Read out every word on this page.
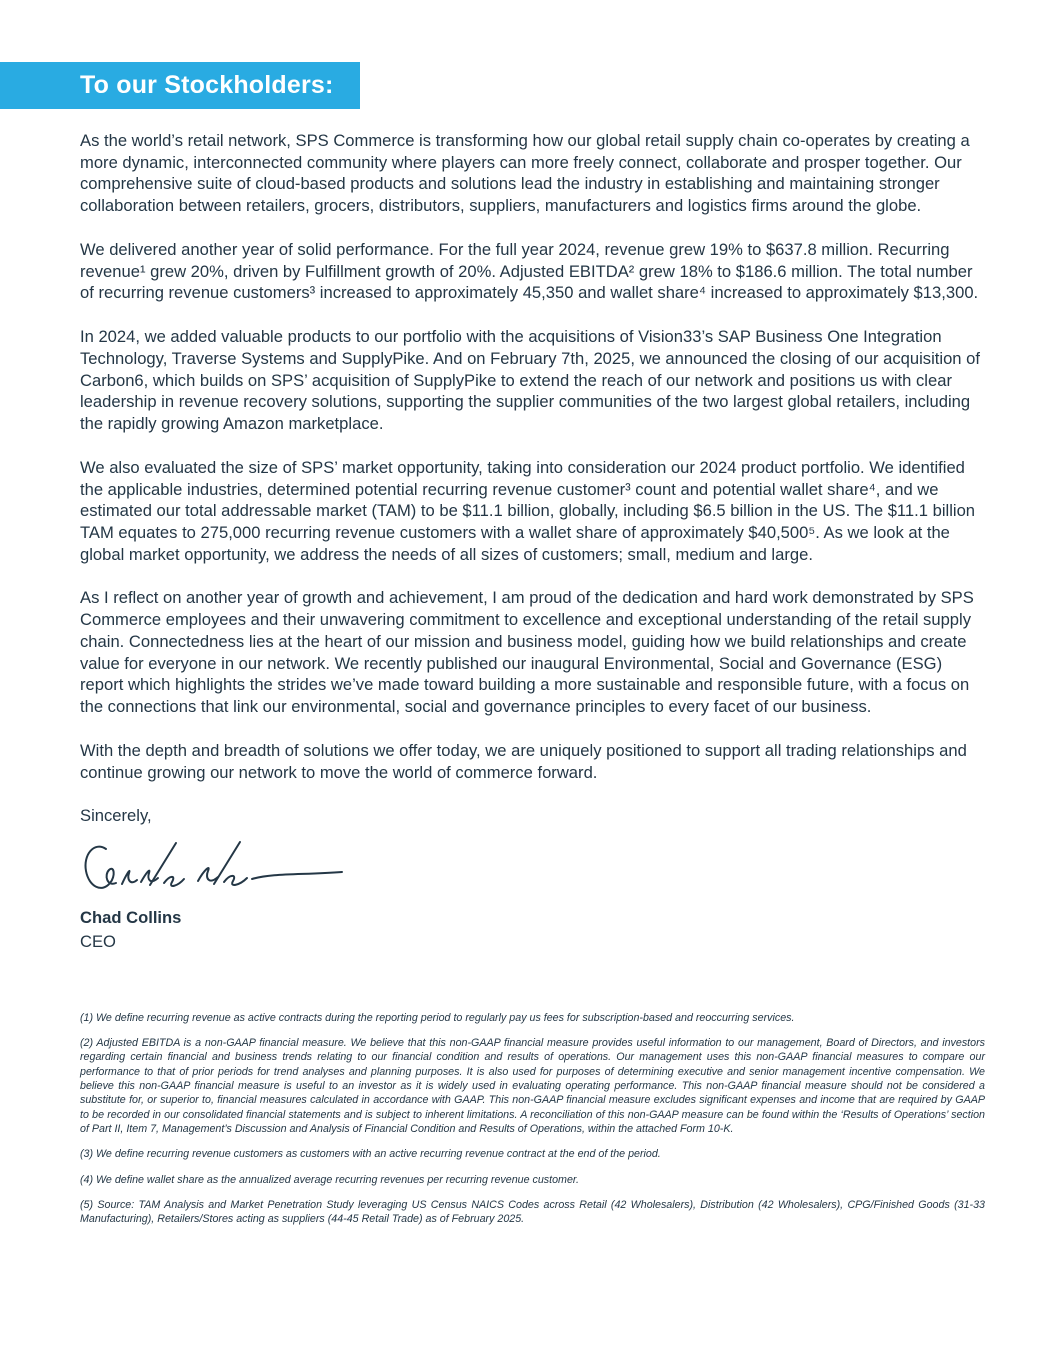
To our Stockholders:

As the world’s retail network, SPS Commerce is transforming how our global retail supply chain co-operates by creating a more dynamic, interconnected community where players can more freely connect, collaborate and prosper together. Our comprehensive suite of cloud-based products and solutions lead the industry in establishing and maintaining stronger collaboration between retailers, grocers, distributors, suppliers, manufacturers and logistics firms around the globe.

We delivered another year of solid performance. For the full year 2024, revenue grew 19% to $637.8 million. Recurring revenue¹ grew 20%, driven by Fulfillment growth of 20%. Adjusted EBITDA² grew 18% to $186.6 million. The total number of recurring revenue customers³ increased to approximately 45,350 and wallet share⁴ increased to approximately $13,300.

In 2024, we added valuable products to our portfolio with the acquisitions of Vision33’s SAP Business One Integration Technology, Traverse Systems and SupplyPike. And on February 7th, 2025, we announced the closing of our acquisition of Carbon6, which builds on SPS’ acquisition of SupplyPike to extend the reach of our network and positions us with clear leadership in revenue recovery solutions, supporting the supplier communities of the two largest global retailers, including the rapidly growing Amazon marketplace.

We also evaluated the size of SPS’ market opportunity, taking into consideration our 2024 product portfolio. We identified the applicable industries, determined potential recurring revenue customer³ count and potential wallet share⁴, and we estimated our total addressable market (TAM) to be $11.1 billion, globally, including $6.5 billion in the US. The $11.1 billion TAM equates to 275,000 recurring revenue customers with a wallet share of approximately $40,500⁵. As we look at the global market opportunity, we address the needs of all sizes of customers; small, medium and large.

As I reflect on another year of growth and achievement, I am proud of the dedication and hard work demonstrated by SPS Commerce employees and their unwavering commitment to excellence and exceptional understanding of the retail supply chain. Connectedness lies at the heart of our mission and business model, guiding how we build relationships and create value for everyone in our network. We recently published our inaugural Environmental, Social and Governance (ESG) report which highlights the strides we’ve made toward building a more sustainable and responsible future, with a focus on the connections that link our environmental, social and governance principles to every facet of our business.

With the depth and breadth of solutions we offer today, we are uniquely positioned to support all trading relationships and continue growing our network to move the world of commerce forward.

Sincerely,

Chad Collins
CEO

(1) We define recurring revenue as active contracts during the reporting period to regularly pay us fees for subscription-based and reoccurring services.

(2) Adjusted EBITDA is a non-GAAP financial measure. We believe that this non-GAAP financial measure provides useful information to our management, Board of Directors, and investors regarding certain financial and business trends relating to our financial condition and results of operations. Our management uses this non-GAAP financial measures to compare our performance to that of prior periods for trend analyses and planning purposes. It is also used for purposes of determining executive and senior management incentive compensation. We believe this non-GAAP financial measure is useful to an investor as it is widely used in evaluating operating performance. This non-GAAP financial measure should not be considered a substitute for, or superior to, financial measures calculated in accordance with GAAP. This non-GAAP financial measure excludes significant expenses and income that are required by GAAP to be recorded in our consolidated financial statements and is subject to inherent limitations. A reconciliation of this non-GAAP measure can be found within the ‘Results of Operations’ section of Part II, Item 7, Management’s Discussion and Analysis of Financial Condition and Results of Operations, within the attached Form 10-K.

(3) We define recurring revenue customers as customers with an active recurring revenue contract at the end of the period.

(4) We define wallet share as the annualized average recurring revenues per recurring revenue customer.

(5) Source: TAM Analysis and Market Penetration Study leveraging US Census NAICS Codes across Retail (42 Wholesalers), Distribution (42 Wholesalers), CPG/Finished Goods (31-33 Manufacturing), Retailers/Stores acting as suppliers (44-45 Retail Trade) as of February 2025.
